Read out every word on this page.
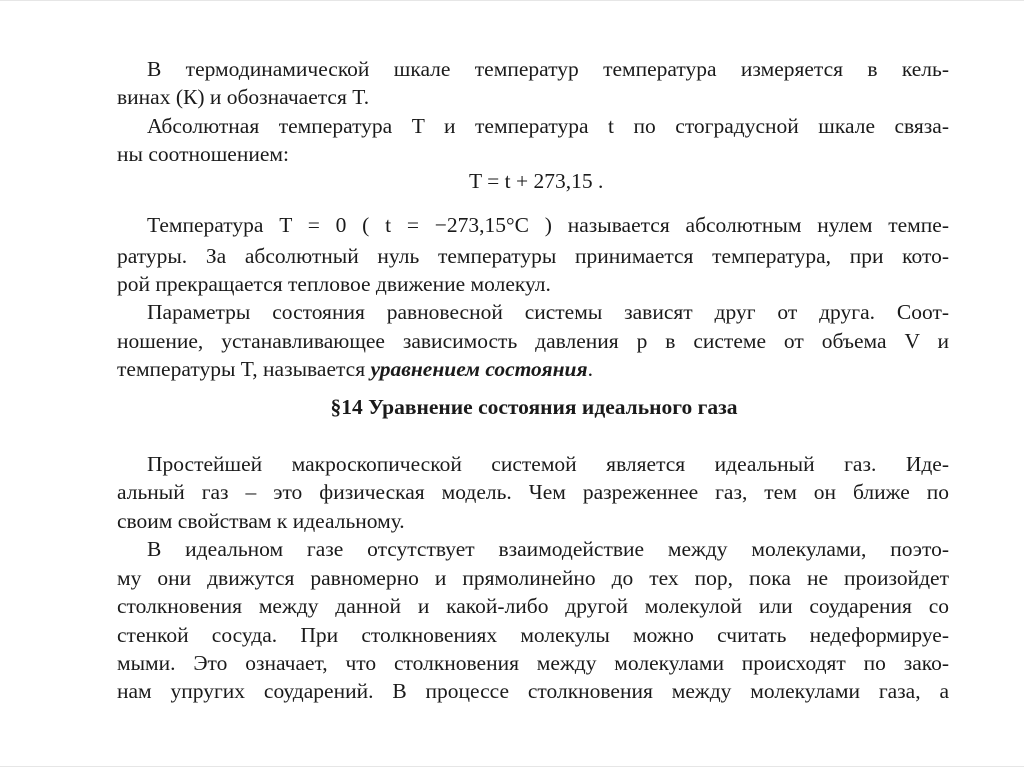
В термодинамической шкале температур температура измеряется в кель-
винах (К) и обозначается T.
Абсолютная температура T и температура t по стоградусной шкале связа-
ны соотношением:
T = t + 273,15 .
Температура T = 0 ( t = −273,15°C ) называется абсолютным нулем темпе-
ратуры. За абсолютный нуль температуры принимается температура, при кото-
рой прекращается тепловое движение молекул.
Параметры состояния равновесной системы зависят друг от друга. Соот-
ношение, устанавливающее зависимость давления p в системе от объема V и
температуры T, называется уравнением состояния.
§14 Уравнение состояния идеального газа
Простейшей макроскопической системой является идеальный газ. Иде-
альный газ – это физическая модель. Чем разреженнее газ, тем он ближе по
своим свойствам к идеальному.
В идеальном газе отсутствует взаимодействие между молекулами, поэто-
му они движутся равномерно и прямолинейно до тех пор, пока не произойдет
столкновения между данной и какой-либо другой молекулой или соударения со
стенкой сосуда. При столкновениях молекулы можно считать недеформируе-
мыми. Это означает, что столкновения между молекулами происходят по зако-
нам упругих соударений. В процессе столкновения между молекулами газа, а
